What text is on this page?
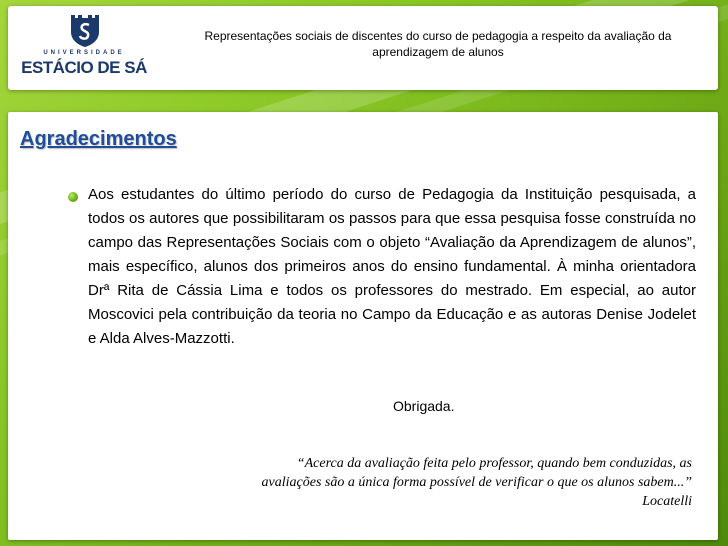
UNIVERSIDADE
ESTÁCIO DE SÁ
Representações sociais de discentes do curso de pedagogia a respeito da avaliação da
aprendizagem de alunos
Agradecimentos
Aos estudantes do último período do curso de Pedagogia da Instituição pesquisada, a todos os autores que possibilitaram os passos para que essa pesquisa fosse construída no campo das Representações Sociais com o objeto “Avaliação da Aprendizagem de alunos”, mais específico, alunos dos primeiros anos do ensino fundamental. À minha orientadora Drª Rita de Cássia Lima e todos os professores do mestrado. Em especial, ao autor Moscovici pela contribuição da teoria no Campo da Educação e as autoras Denise Jodelet e Alda Alves-Mazzotti.
Obrigada.
“Acerca da avaliação feita pelo professor, quando bem conduzidas, as
avaliações são a única forma possível de verificar o que os alunos sabem...”
Locatelli
